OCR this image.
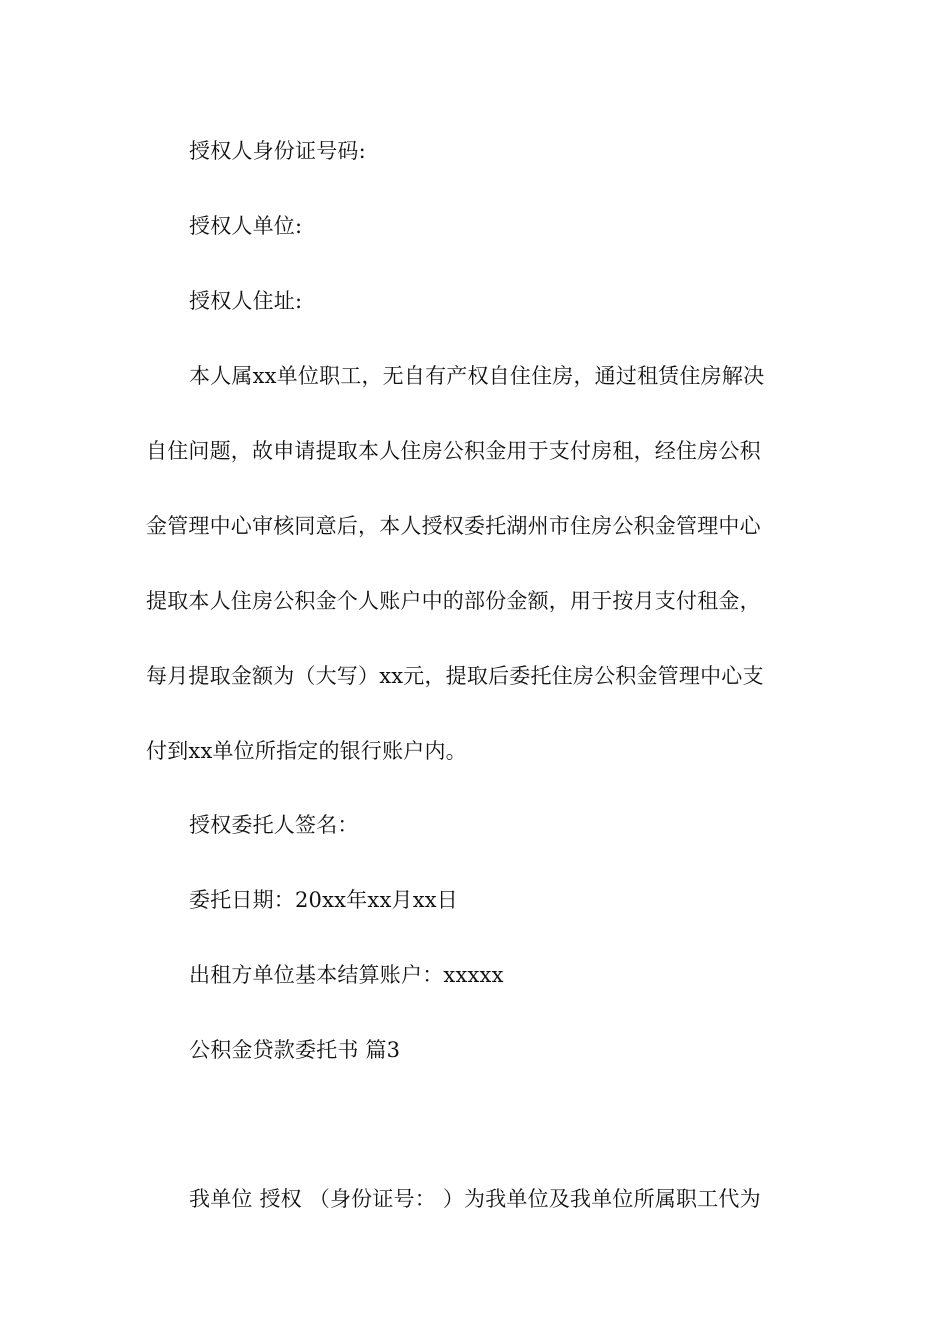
授权人身份证号码:
授权人单位:
授权人住址:
本人属xx单位职工，无自有产权自住住房，通过租赁住房解决
自住问题，故申请提取本人住房公积金用于支付房租，经住房公积
金管理中心审核同意后，本人授权委托湖州市住房公积金管理中心
提取本人住房公积金个人账户中的部份金额，用于按月支付租金，
每月提取金额为（大写）xx元，提取后委托住房公积金管理中心支
付到xx单位所指定的银行账户内。
授权委托人签名：
委托日期：20xx年xx月xx日
出租方单位基本结算账户：xxxxx
公积金贷款委托书 篇3
我单位 授权 （身份证号： ）为我单位及我单位所属职工代为
